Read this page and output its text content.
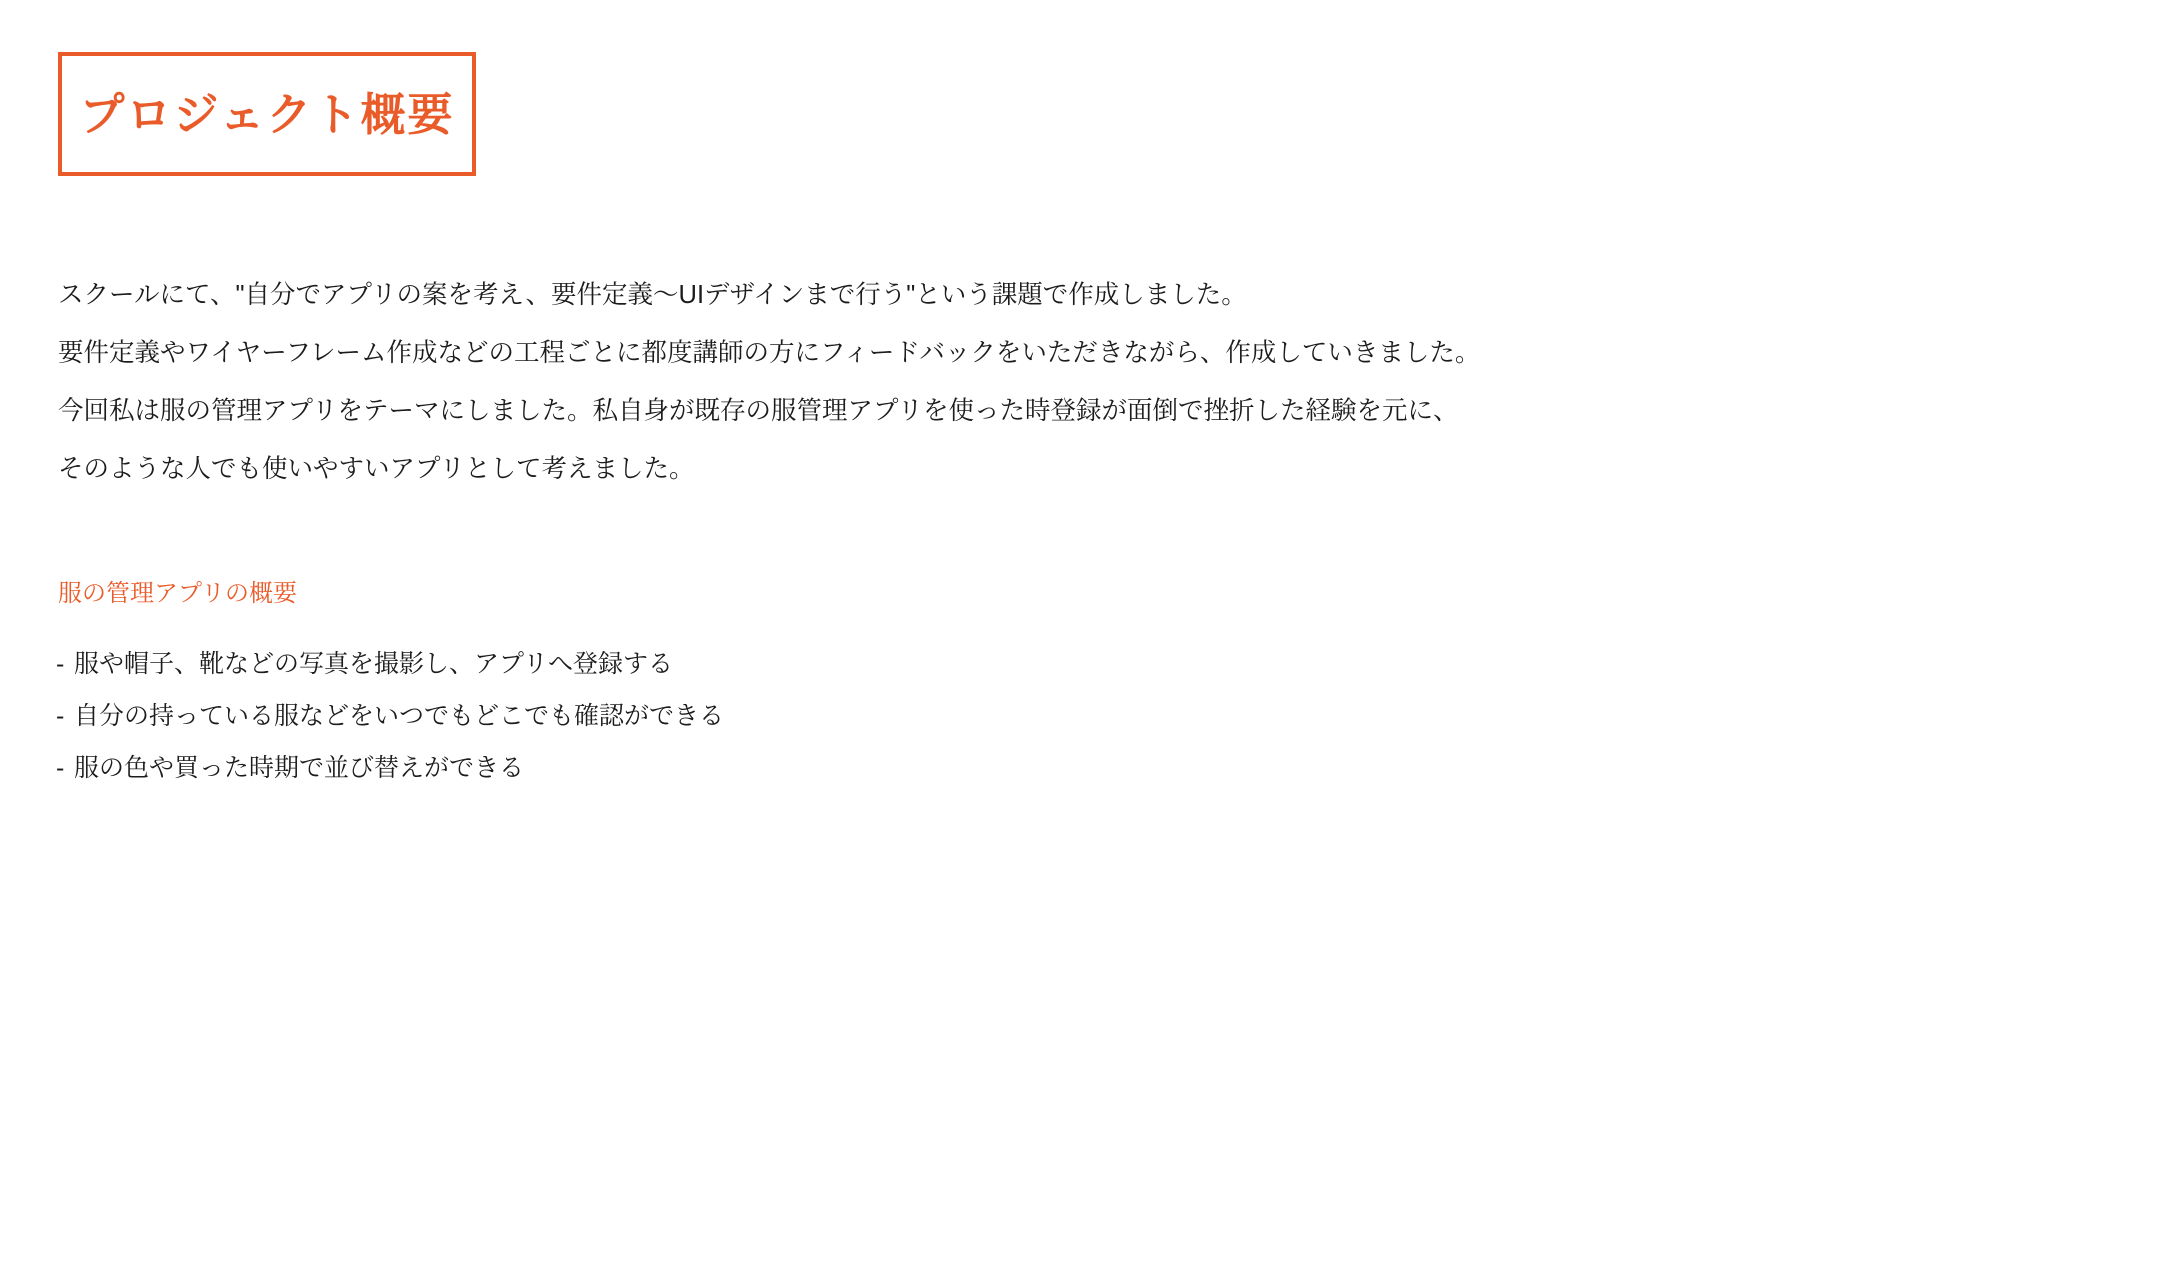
プロジェクト概要
スクールにて、"自分でアプリの案を考え、要件定義〜UIデザインまで行う"という課題で作成しました。
要件定義やワイヤーフレーム作成などの工程ごとに都度講師の方にフィードバックをいただきながら、作成していきました。
今回私は服の管理アプリをテーマにしました。私自身が既存の服管理アプリを使った時登録が面倒で挫折した経験を元に、
そのような人でも使いやすいアプリとして考えました。
服の管理アプリの概要
- 服や帽子、靴などの写真を撮影し、アプリへ登録する
- 自分の持っている服などをいつでもどこでも確認ができる
- 服の色や買った時期で並び替えができる
